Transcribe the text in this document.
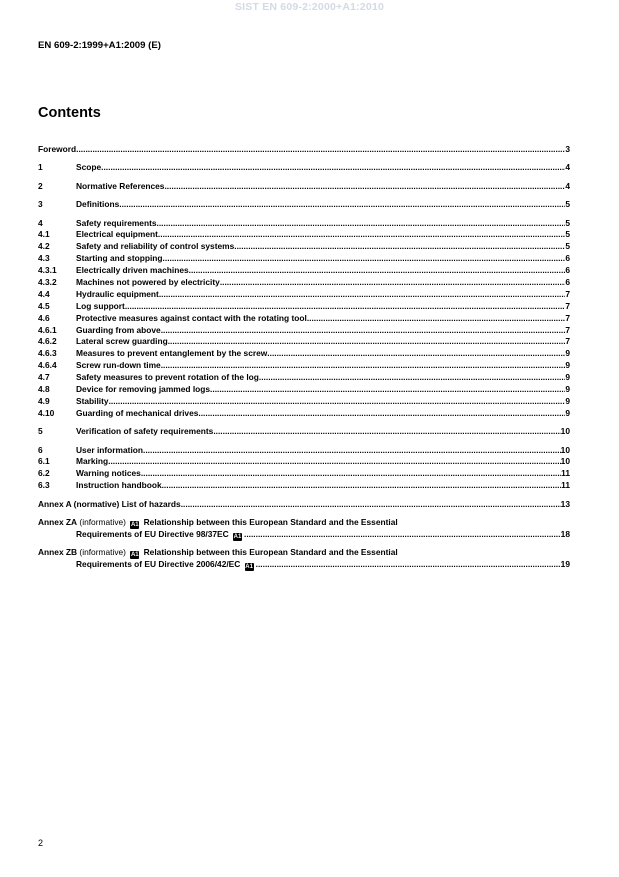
SIST EN 609-2:2000+A1:2010
EN 609-2:1999+A1:2009 (E)
Contents
Foreword .....	3
1	Scope .....	4
2	Normative References .....	4
3	Definitions .....	5
4	Safety requirements .....	5
4.1	Electrical equipment .....	5
4.2	Safety and reliability of control systems .....	5
4.3	Starting and stopping .....	6
4.3.1	Electrically driven machines .....	6
4.3.2	Machines not powered by electricity .....	6
4.4	Hydraulic equipment .....	7
4.5	Log support .....	7
4.6	Protective measures against contact with the rotating tool .....	7
4.6.1	Guarding from above .....	7
4.6.2	Lateral screw guarding .....	7
4.6.3	Measures to prevent entanglement by the screw .....	9
4.6.4	Screw run-down time .....	9
4.7	Safety measures to prevent rotation of the log .....	9
4.8	Device for removing jammed logs .....	9
4.9	Stability .....	9
4.10	Guarding of mechanical drives .....	9
5	Verification of safety requirements .....	10
6	User information .....	10
6.1	Marking .....	10
6.2	Warning notices .....	11
6.3	Instruction handbook .....	11
Annex A (normative) List of hazards .....	13
Annex ZA (informative) A1 Relationship between this European Standard and the Essential
Requirements of EU Directive 98/37EC A1 .....	18
Annex ZB (informative) A1 Relationship between this European Standard and the Essential
Requirements of EU Directive 2006/42/EC A1 .....	19
2
